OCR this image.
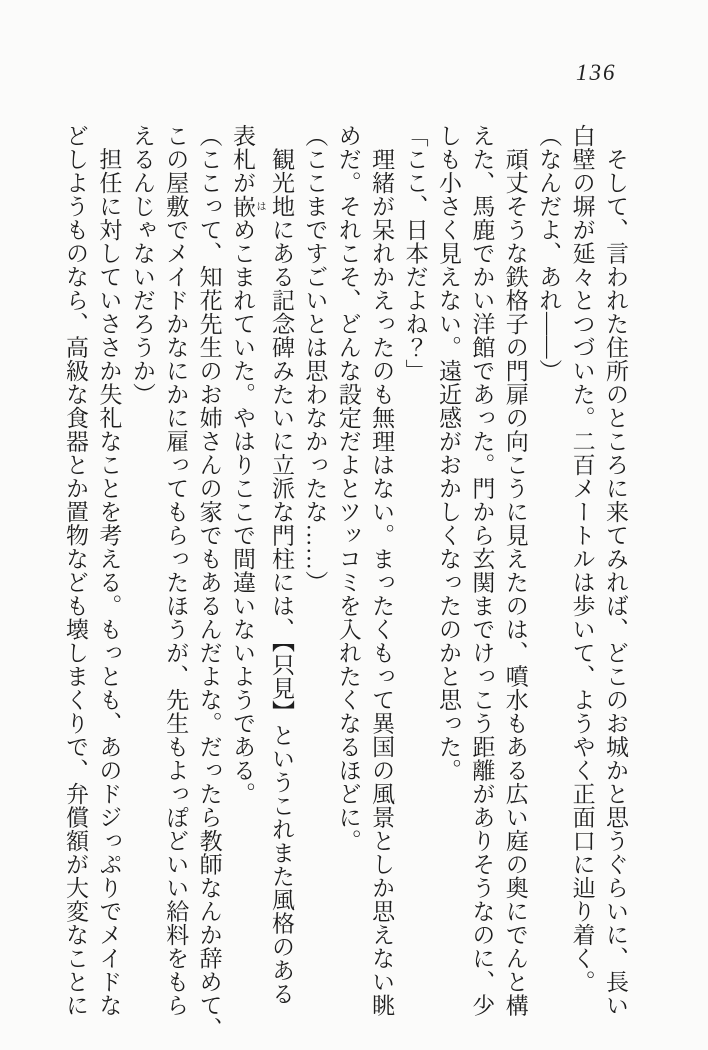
136

　そして、言われた住所のところに来てみれば、どこのお城かと思うぐらいに、長い

白壁の塀が延々とつづいた。二百メートルは歩いて、ようやく正面口に辿り着く。

（なんだよ、あれ――）

　頑丈そうな鉄格子の門扉の向こうに見えたのは、噴水もある広い庭の奥にでんと構

えた、馬鹿でかい洋館であった。門から玄関までけっこう距離がありそうなのに、少

しも小さく見えない。遠近感がおかしくなったのかと思った。

「ここ、日本だよね？」

　理緒が呆れかえったのも無理はない。まったくもって異国の風景としか思えない眺

めだ。それこそ、どんな設定だよとツッコミを入れたくなるほどに。

（ここまですごいとは思わなかったな……）

　観光地にある記念碑みたいに立派な門柱には、【只見】というこれまた風格のある

表札が嵌 はめこまれていた。やはりここで間違いないようである。

（ここって、知花先生のお姉さんの家でもあるんだよな。だったら教師なんか辞めて、

この屋敷でメイドかなにかに雇ってもらったほうが、先生もよっぽどいい給料をもら

えるんじゃないだろうか）

　担任に対していささか失礼なことを考える。もっとも、あのドジっぷりでメイドな

どしようものなら、高級な食器とか置物なども壊しまくりで、弁償額が大変なことに
